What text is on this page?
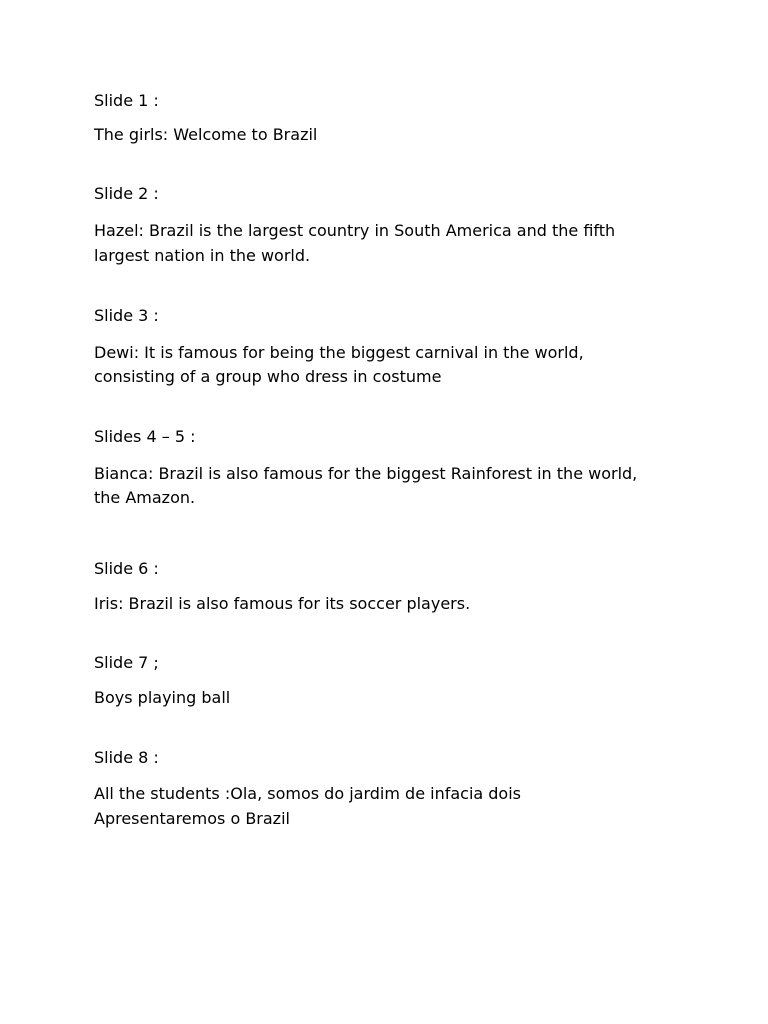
Slide 1 :
The girls: Welcome to Brazil
Slide 2 :
Hazel: Brazil is the largest country in South America and the fifth
largest nation in the world.
Slide 3 :
Dewi: It is famous for being the biggest carnival in the world,
consisting of a group who dress in costume
Slides 4 – 5 :
Bianca: Brazil is also famous for the biggest Rainforest in the world,
the Amazon.
Slide 6 :
Iris: Brazil is also famous for its soccer players.
Slide 7 ;
Boys playing ball
Slide 8 :
All the students :Ola, somos do jardim de infacia dois
Apresentaremos o Brazil
